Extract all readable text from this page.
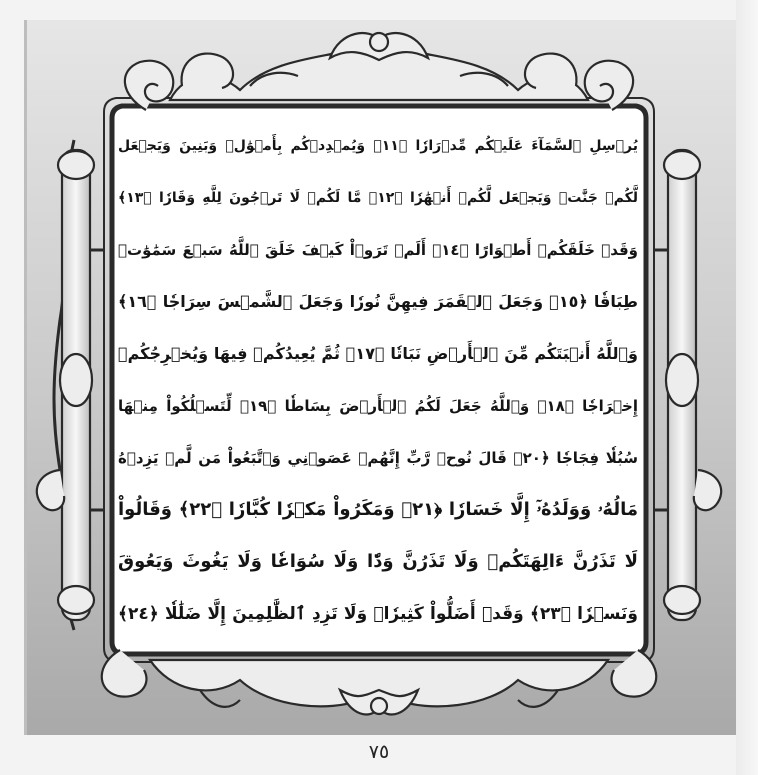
يُرۡسِلِ ٱلسَّمَآءَ عَلَيۡكُم مِّدۡرَارٗا ﴿١١﴾ وَيُمۡدِدۡكُم بِأَمۡوَٰلٖ وَبَنِينَ وَيَجۡعَل
لَّكُمۡ جَنَّٰتٖ وَيَجۡعَل لَّكُمۡ أَنۡهَٰرٗا ﴿١٢﴾ مَّا لَكُمۡ لَا تَرۡجُونَ لِلَّهِ وَقَارٗا ﴿١٣﴾
وَقَدۡ خَلَقَكُمۡ أَطۡوَارًا ﴿١٤﴾ أَلَمۡ تَرَوۡاْ كَيۡفَ خَلَقَ ٱللَّهُ سَبۡعَ سَمَٰوَٰتٖ
طِبَاقٗا ﴿١٥﴾ وَجَعَلَ ٱلۡقَمَرَ فِيهِنَّ نُورٗا وَجَعَلَ ٱلشَّمۡسَ سِرَاجٗا ﴿١٦﴾
وَٱللَّهُ أَنۢبَتَكُم مِّنَ ٱلۡأَرۡضِ نَبَاتٗا ﴿١٧﴾ ثُمَّ يُعِيدُكُمۡ فِيهَا وَيُخۡرِجُكُمۡ
إِخۡرَاجٗا ﴿١٨﴾ وَٱللَّهُ جَعَلَ لَكُمُ ٱلۡأَرۡضَ بِسَاطٗا ﴿١٩﴾ لِّتَسۡلُكُواْ مِنۡهَا
سُبُلٗا فِجَاجٗا ﴿٢٠﴾ قَالَ نُوحٞ رَّبِّ إِنَّهُمۡ عَصَوۡنِي وَٱتَّبَعُواْ مَن لَّمۡ يَزِدۡهُ
مَالُهُۥ وَوَلَدُهُۥٓ إِلَّا خَسَارٗا ﴿٢١﴾ وَمَكَرُواْ مَكۡرٗا كُبَّارٗا ﴿٢٢﴾ وَقَالُواْ
لَا تَذَرُنَّ ءَالِهَتَكُمۡ وَلَا تَذَرُنَّ وَدّٗا وَلَا سُوَاعٗا وَلَا يَغُوثَ وَيَعُوقَ
وَنَسۡرٗا ﴿٢٣﴾ وَقَدۡ أَضَلُّواْ كَثِيرٗاۖ وَلَا تَزِدِ ٱلظَّٰلِمِينَ إِلَّا ضَلَٰلٗا ﴿٢٤﴾
٧٥
